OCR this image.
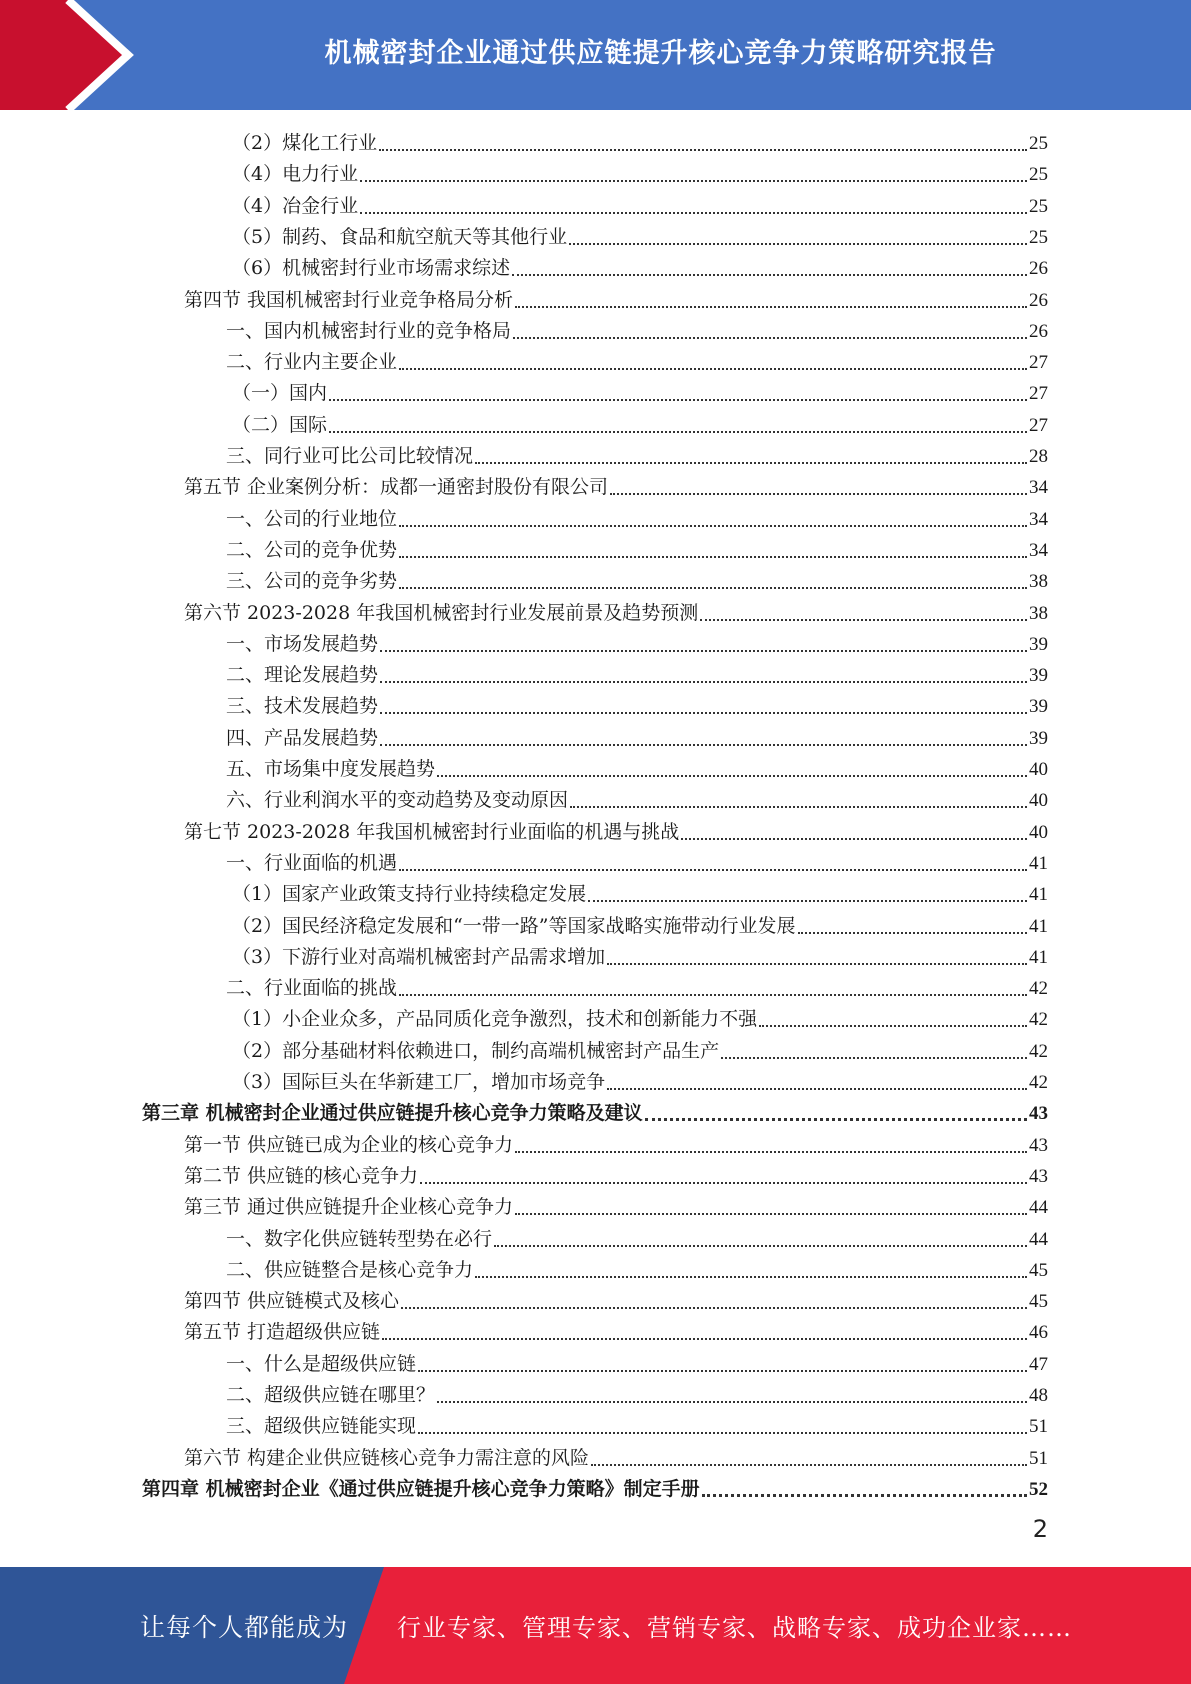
机械密封企业通过供应链提升核心竞争力策略研究报告
（2）煤化工行业	25
（4）电力行业	25
（4）冶金行业	25
（5）制药、食品和航空航天等其他行业	25
（6）机械密封行业市场需求综述	26
第四节 我国机械密封行业竞争格局分析	26
一、国内机械密封行业的竞争格局	26
二、行业内主要企业	27
（一）国内	27
（二）国际	27
三、同行业可比公司比较情况	28
第五节 企业案例分析：成都一通密封股份有限公司	34
一、公司的行业地位	34
二、公司的竞争优势	34
三、公司的竞争劣势	38
第六节 2023-2028 年我国机械密封行业发展前景及趋势预测	38
一、市场发展趋势	39
二、理论发展趋势	39
三、技术发展趋势	39
四、产品发展趋势	39
五、市场集中度发展趋势	40
六、行业利润水平的变动趋势及变动原因	40
第七节 2023-2028 年我国机械密封行业面临的机遇与挑战	40
一、行业面临的机遇	41
（1）国家产业政策支持行业持续稳定发展	41
（2）国民经济稳定发展和“一带一路”等国家战略实施带动行业发展	41
（3）下游行业对高端机械密封产品需求增加	41
二、行业面临的挑战	42
（1）小企业众多，产品同质化竞争激烈，技术和创新能力不强	42
（2）部分基础材料依赖进口，制约高端机械密封产品生产	42
（3）国际巨头在华新建工厂，增加市场竞争	42
第三章 机械密封企业通过供应链提升核心竞争力策略及建议	43
第一节 供应链已成为企业的核心竞争力	43
第二节 供应链的核心竞争力	43
第三节 通过供应链提升企业核心竞争力	44
一、数字化供应链转型势在必行	44
二、供应链整合是核心竞争力	45
第四节 供应链模式及核心	45
第五节 打造超级供应链	46
一、什么是超级供应链	47
二、超级供应链在哪里？	48
三、超级供应链能实现	51
第六节 构建企业供应链核心竞争力需注意的风险	51
第四章 机械密封企业《通过供应链提升核心竞争力策略》制定手册	52
2
让每个人都能成为 行业专家、管理专家、营销专家、战略专家、成功企业家……
